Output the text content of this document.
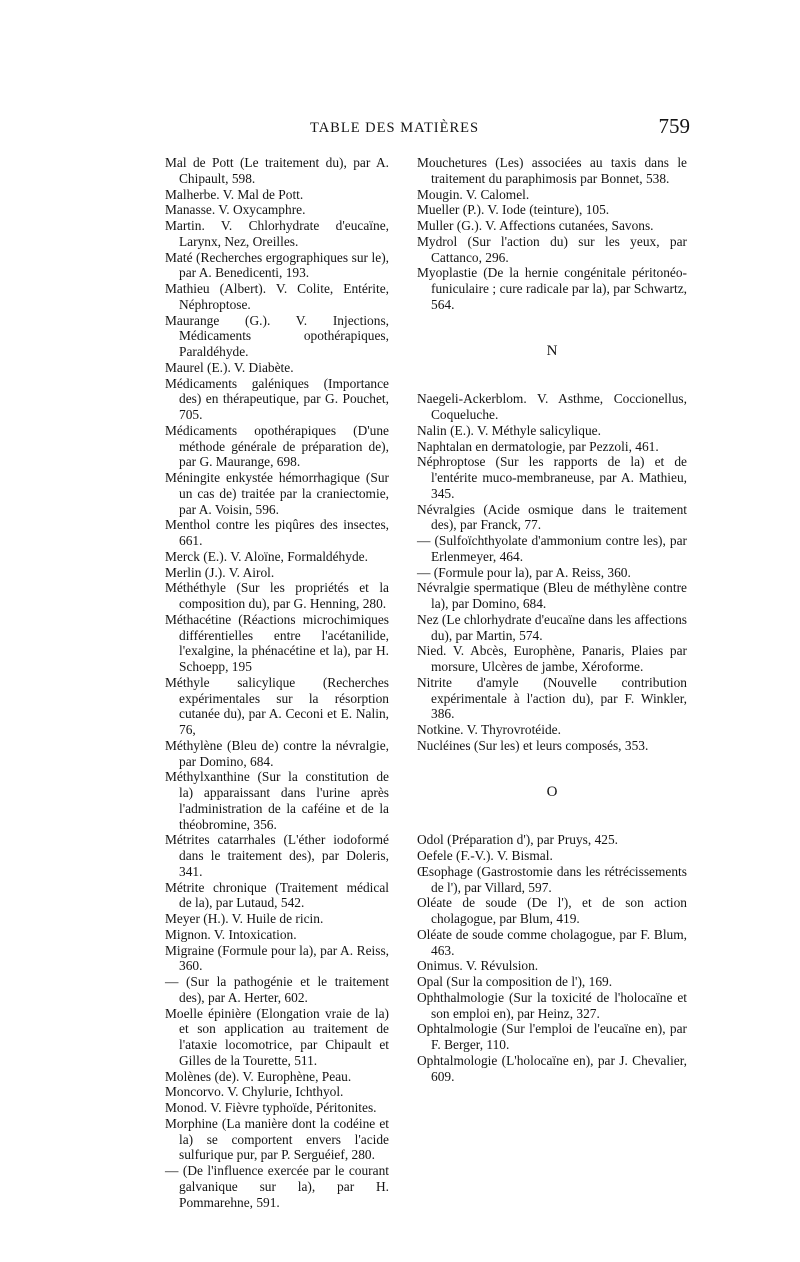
TABLE DES MATIÈRES	759

Mal de Pott (Le traitement du), par A. Chipault, 598.

Malherbe. V. Mal de Pott.

Manasse. V. Oxycamphre.

Martin. V. Chlorhydrate d'eucaïne, Larynx, Nez, Oreilles.

Maté (Recherches ergographiques sur le), par A. Benedicenti, 193.

Mathieu (Albert). V. Colite, Entérite, Néphroptose.

Maurange (G.). V. Injections, Médicaments opothérapiques, Paraldéhyde.

Maurel (E.). V. Diabète.

Médicaments galéniques (Importance des) en thérapeutique, par G. Pouchet, 705.

Médicaments opothérapiques (D'une méthode générale de préparation de), par G. Maurange, 698.

Méningite enkystée hémorrhagique (Sur un cas de) traitée par la craniectomie, par A. Voisin, 596.

Menthol contre les piqûres des insectes, 661.

Merck (E.). V. Aloïne, Formaldéhyde.

Merlin (J.). V. Airol.

Méthéthyle (Sur les propriétés et la composition du), par G. Henning, 280.

Méthacétine (Réactions microchimiques différentielles entre l'acétanilide, l'exalgine, la phénacétine et la), par H. Schoepp, 195

Méthyle salicylique (Recherches expérimentales sur la résorption cutanée du), par A. Ceconi et E. Nalin, 76,

Méthylène (Bleu de) contre la névralgie, par Domino, 684.

Méthylxanthine (Sur la constitution de la) apparaissant dans l'urine après l'administration de la caféine et de la théobromine, 356.

Métrites catarrhales (L'éther iodoformé dans le traitement des), par Doleris, 341.

Métrite chronique (Traitement médical de la), par Lutaud, 542.

Meyer (H.). V. Huile de ricin.

Mignon. V. Intoxication.

Migraine (Formule pour la), par A. Reiss, 360.

— (Sur la pathogénie et le traitement des), par A. Herter, 602.

Moelle épinière (Elongation vraie de la) et son application au traitement de l'ataxie locomotrice, par Chipault et Gilles de la Tourette, 511.

Molènes (de). V. Europhène, Peau.

Moncorvo. V. Chylurie, Ichthyol.

Monod. V. Fièvre typhoïde, Péritonites.

Morphine (La manière dont la codéine et la) se comportent envers l'acide sulfurique pur, par P. Serguéief, 280.

— (De l'influence exercée par le courant galvanique sur la), par H. Pommarehne, 591.

Mouchetures (Les) associées au taxis dans le traitement du paraphimosis par Bonnet, 538.

Mougin. V. Calomel.

Mueller (P.). V. Iode (teinture), 105.

Muller (G.). V. Affections cutanées, Savons.

Mydrol (Sur l'action du) sur les yeux, par Cattanco, 296.

Myoplastie (De la hernie congénitale péritonéo-funiculaire ; cure radicale par la), par Schwartz, 564.

N

Naegeli-Ackerblom. V. Asthme, Coccionellus, Coqueluche.

Nalin (E.). V. Méthyle salicylique.

Naphtalan en dermatologie, par Pezzoli, 461.

Néphroptose (Sur les rapports de la) et de l'entérite muco-membraneuse, par A. Mathieu, 345.

Névralgies (Acide osmique dans le traitement des), par Franck, 77.

— (Sulfoïchthyolate d'ammonium contre les), par Erlenmeyer, 464.

— (Formule pour la), par A. Reiss, 360.

Névralgie spermatique (Bleu de méthylène contre la), par Domino, 684.

Nez (Le chlorhydrate d'eucaïne dans les affections du), par Martin, 574.

Nied. V. Abcès, Europhène, Panaris, Plaies par morsure, Ulcères de jambe, Xéroforme.

Nitrite d'amyle (Nouvelle contribution expérimentale à l'action du), par F. Winkler, 386.

Notkine. V. Thyrovrotéide.

Nucléines (Sur les) et leurs composés, 353.

O

Odol (Préparation d'), par Pruys, 425.

Oefele (F.-V.). V. Bismal.

Œsophage (Gastrostomie dans les rétrécissements de l'), par Villard, 597.

Oléate de soude (De l'), et de son action cholagogue, par Blum, 419.

Oléate de soude comme cholagogue, par F. Blum, 463.

Onimus. V. Révulsion.

Opal (Sur la composition de l'), 169.

Ophthalmologie (Sur la toxicité de l'holocaïne et son emploi en), par Heinz, 327.

Ophtalmologie (Sur l'emploi de l'eucaïne en), par F. Berger, 110.

Ophtalmologie (L'holocaïne en), par J. Chevalier, 609.
